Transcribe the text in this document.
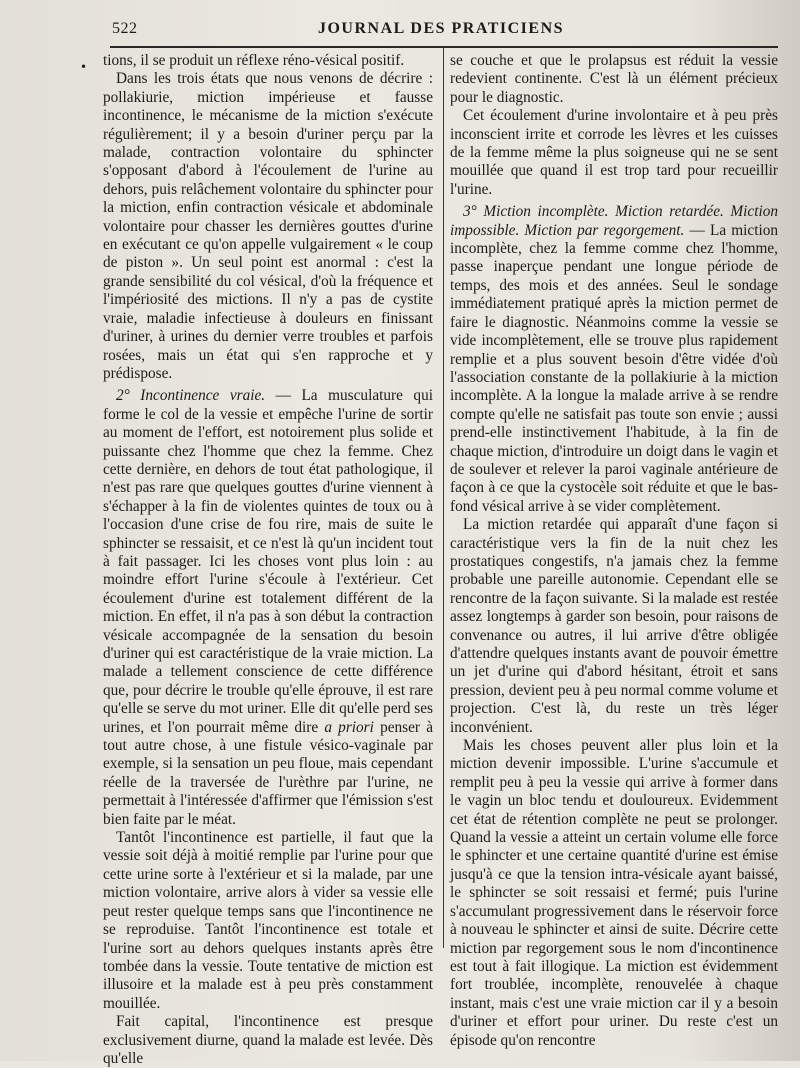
522	JOURNAL DES PRATICIENS
• tions, il se produit un réflexe réno-vésical positif.

Dans les trois états que nous venons de décrire : pollakiurie, miction impérieuse et fausse incontinence, le mécanisme de la miction s'exécute régulièrement; il y a besoin d'uriner perçu par la malade, contraction volontaire du sphincter s'opposant d'abord à l'écoulement de l'urine au dehors, puis relâchement volontaire du sphincter pour la miction, enfin contraction vésicale et abdominale volontaire pour chasser les dernières gouttes d'urine en exécutant ce qu'on appelle vulgairement « le coup de piston ». Un seul point est anormal : c'est la grande sensibilité du col vésical, d'où la fréquence et l'impériosité des mictions. Il n'y a pas de cystite vraie, maladie infectieuse à douleurs en finissant d'uriner, à urines du dernier verre troubles et parfois rosées, mais un état qui s'en rapproche et y prédispose.

2° Incontinence vraie. — La musculature qui forme le col de la vessie et empêche l'urine de sortir au moment de l'effort, est notoirement plus solide et puissante chez l'homme que chez la femme. Chez cette dernière, en dehors de tout état pathologique, il n'est pas rare que quelques gouttes d'urine viennent à s'échapper à la fin de violentes quintes de toux ou à l'occasion d'une crise de fou rire, mais de suite le sphincter se ressaisit, et ce n'est là qu'un incident tout à fait passager. Ici les choses vont plus loin : au moindre effort l'urine s'écoule à l'extérieur. Cet écoulement d'urine est totalement différent de la miction. En effet, il n'a pas à son début la contraction vésicale accompagnée de la sensation du besoin d'uriner qui est caractéristique de la vraie miction. La malade a tellement conscience de cette différence que, pour décrire le trouble qu'elle éprouve, il est rare qu'elle se serve du mot uriner. Elle dit qu'elle perd ses urines, et l'on pourrait même dire a priori penser à tout autre chose, à une fistule vésico-vaginale par exemple, si la sensation un peu floue, mais cependant réelle de la traversée de l'urèthre par l'urine, ne permettait à l'intéressée d'affirmer que l'émission s'est bien faite par le méat.

Tantôt l'incontinence est partielle, il faut que la vessie soit déjà à moitié remplie par l'urine pour que cette urine sorte à l'extérieur et si la malade, par une miction volontaire, arrive alors à vider sa vessie elle peut rester quelque temps sans que l'incontinence ne se reproduise. Tantôt l'incontinence est totale et l'urine sort au dehors quelques instants après être tombée dans la vessie. Toute tentative de miction est illusoire et la malade est à peu près constamment mouillée.

Fait capital, l'incontinence est presque exclusivement diurne, quand la malade est levée. Dès qu'elle

se couche et que le prolapsus est réduit la vessie redevient continente. C'est là un élément précieux pour le diagnostic.

Cet écoulement d'urine involontaire et à peu près inconscient irrite et corrode les lèvres et les cuisses de la femme même la plus soigneuse qui ne se sent mouillée que quand il est trop tard pour recueillir l'urine.

3° Miction incomplète. Miction retardée. Miction impossible. Miction par regorgement. — La miction incomplète, chez la femme comme chez l'homme, passe inaperçue pendant une longue période de temps, des mois et des années. Seul le sondage immédiatement pratiqué après la miction permet de faire le diagnostic. Néanmoins comme la vessie se vide incomplètement, elle se trouve plus rapidement remplie et a plus souvent besoin d'être vidée d'où l'association constante de la pollakiurie à la miction incomplète. A la longue la malade arrive à se rendre compte qu'elle ne satisfait pas toute son envie ; aussi prend-elle instinctivement l'habitude, à la fin de chaque miction, d'introduire un doigt dans le vagin et de soulever et relever la paroi vaginale antérieure de façon à ce que la cystocèle soit réduite et que le bas-fond vésical arrive à se vider complètement.

La miction retardée qui apparaît d'une façon si caractéristique vers la fin de la nuit chez les prostatiques congestifs, n'a jamais chez la femme probable une pareille autonomie. Cependant elle se rencontre de la façon suivante. Si la malade est restée assez longtemps à garder son besoin, pour raisons de convenance ou autres, il lui arrive d'être obligée d'attendre quelques instants avant de pouvoir émettre un jet d'urine qui d'abord hésitant, étroit et sans pression, devient peu à peu normal comme volume et projection. C'est là, du reste un très léger inconvénient.

Mais les choses peuvent aller plus loin et la miction devenir impossible. L'urine s'accumule et remplit peu à peu la vessie qui arrive à former dans le vagin un bloc tendu et douloureux. Evidemment cet état de rétention complète ne peut se prolonger. Quand la vessie a atteint un certain volume elle force le sphincter et une certaine quantité d'urine est émise jusqu'à ce que la tension intra-vésicale ayant baissé, le sphincter se soit ressaisi et fermé; puis l'urine s'accumulant progressivement dans le réservoir force à nouveau le sphincter et ainsi de suite. Décrire cette miction par regorgement sous le nom d'incontinence est tout à fait illogique. La miction est évidemment fort troublée, incomplète, renouvelée à chaque instant, mais c'est une vraie miction car il y a besoin d'uriner et effort pour uriner. Du reste c'est un épisode qu'on rencontre
